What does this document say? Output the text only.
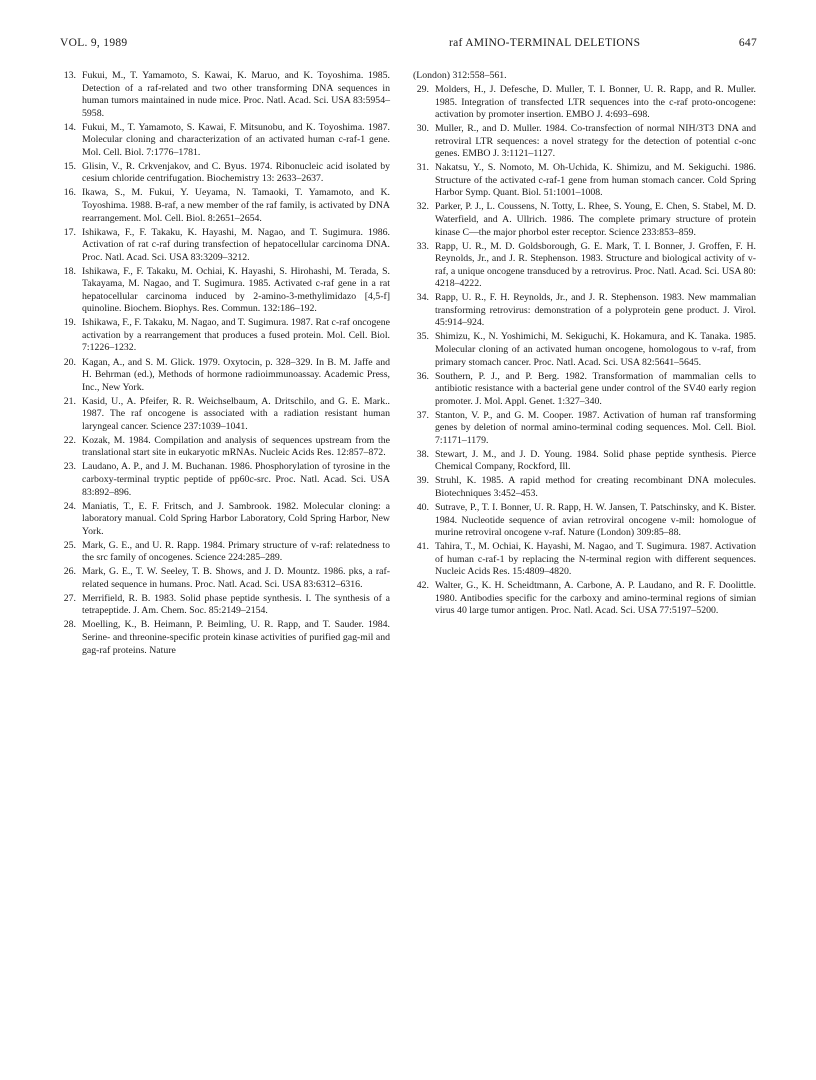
VOL. 9, 1989	raf AMINO-TERMINAL DELETIONS	647
13. Fukui, M., T. Yamamoto, S. Kawai, K. Maruo, and K. Toyoshima. 1985. Detection of a raf-related and two other transforming DNA sequences in human tumors maintained in nude mice. Proc. Natl. Acad. Sci. USA 83:5954–5958.
14. Fukui, M., T. Yamamoto, S. Kawai, F. Mitsunobu, and K. Toyoshima. 1987. Molecular cloning and characterization of an activated human c-raf-1 gene. Mol. Cell. Biol. 7:1776–1781.
15. Glisin, V., R. Crkvenjakov, and C. Byus. 1974. Ribonucleic acid isolated by cesium chloride centrifugation. Biochemistry 13: 2633–2637.
16. Ikawa, S., M. Fukui, Y. Ueyama, N. Tamaoki, T. Yamamoto, and K. Toyoshima. 1988. B-raf, a new member of the raf family, is activated by DNA rearrangement. Mol. Cell. Biol. 8:2651–2654.
17. Ishikawa, F., F. Takaku, K. Hayashi, M. Nagao, and T. Sugimura. 1986. Activation of rat c-raf during transfection of hepatocellular carcinoma DNA. Proc. Natl. Acad. Sci. USA 83:3209–3212.
18. Ishikawa, F., F. Takaku, M. Ochiai, K. Hayashi, S. Hirohashi, M. Terada, S. Takayama, M. Nagao, and T. Sugimura. 1985. Activated c-raf gene in a rat hepatocellular carcinoma induced by 2-amino-3-methylimidazo [4,5-f] quinoline. Biochem. Biophys. Res. Commun. 132:186–192.
19. Ishikawa, F., F. Takaku, M. Nagao, and T. Sugimura. 1987. Rat c-raf oncogene activation by a rearrangement that produces a fused protein. Mol. Cell. Biol. 7:1226–1232.
20. Kagan, A., and S. M. Glick. 1979. Oxytocin, p. 328–329. In B. M. Jaffe and H. Behrman (ed.), Methods of hormone radioimmunoassay. Academic Press, Inc., New York.
21. Kasid, U., A. Pfeifer, R. R. Weichselbaum, A. Dritschilo, and G. E. Mark.. 1987. The raf oncogene is associated with a radiation resistant human laryngeal cancer. Science 237:1039–1041.
22. Kozak, M. 1984. Compilation and analysis of sequences upstream from the translational start site in eukaryotic mRNAs. Nucleic Acids Res. 12:857–872.
23. Laudano, A. P., and J. M. Buchanan. 1986. Phosphorylation of tyrosine in the carboxy-terminal tryptic peptide of pp60c-src. Proc. Natl. Acad. Sci. USA 83:892–896.
24. Maniatis, T., E. F. Fritsch, and J. Sambrook. 1982. Molecular cloning: a laboratory manual. Cold Spring Harbor Laboratory, Cold Spring Harbor, New York.
25. Mark, G. E., and U. R. Rapp. 1984. Primary structure of v-raf: relatedness to the src family of oncogenes. Science 224:285–289.
26. Mark, G. E., T. W. Seeley, T. B. Shows, and J. D. Mountz. 1986. pks, a raf-related sequence in humans. Proc. Natl. Acad. Sci. USA 83:6312–6316.
27. Merrifield, R. B. 1983. Solid phase peptide synthesis. I. The synthesis of a tetrapeptide. J. Am. Chem. Soc. 85:2149–2154.
28. Moelling, K., B. Heimann, P. Beimling, U. R. Rapp, and T. Sauder. 1984. Serine- and threonine-specific protein kinase activities of purified gag-mil and gag-raf proteins. Nature
(London) 312:558–561.
29. Molders, H., J. Defesche, D. Muller, T. I. Bonner, U. R. Rapp, and R. Muller. 1985. Integration of transfected LTR sequences into the c-raf proto-oncogene: activation by promoter insertion. EMBO J. 4:693–698.
30. Muller, R., and D. Muller. 1984. Co-transfection of normal NIH/3T3 DNA and retroviral LTR sequences: a novel strategy for the detection of potential c-onc genes. EMBO J. 3:1121–1127.
31. Nakatsu, Y., S. Nomoto, M. Oh-Uchida, K. Shimizu, and M. Sekiguchi. 1986. Structure of the activated c-raf-1 gene from human stomach cancer. Cold Spring Harbor Symp. Quant. Biol. 51:1001–1008.
32. Parker, P. J., L. Coussens, N. Totty, L. Rhee, S. Young, E. Chen, S. Stabel, M. D. Waterfield, and A. Ullrich. 1986. The complete primary structure of protein kinase C—the major phorbol ester receptor. Science 233:853–859.
33. Rapp, U. R., M. D. Goldsborough, G. E. Mark, T. I. Bonner, J. Groffen, F. H. Reynolds, Jr., and J. R. Stephenson. 1983. Structure and biological activity of v-raf, a unique oncogene transduced by a retrovirus. Proc. Natl. Acad. Sci. USA 80: 4218–4222.
34. Rapp, U. R., F. H. Reynolds, Jr., and J. R. Stephenson. 1983. New mammalian transforming retrovirus: demonstration of a polyprotein gene product. J. Virol. 45:914–924.
35. Shimizu, K., N. Yoshimichi, M. Sekiguchi, K. Hokamura, and K. Tanaka. 1985. Molecular cloning of an activated human oncogene, homologous to v-raf, from primary stomach cancer. Proc. Natl. Acad. Sci. USA 82:5641–5645.
36. Southern, P. J., and P. Berg. 1982. Transformation of mammalian cells to antibiotic resistance with a bacterial gene under control of the SV40 early region promoter. J. Mol. Appl. Genet. 1:327–340.
37. Stanton, V. P., and G. M. Cooper. 1987. Activation of human raf transforming genes by deletion of normal amino-terminal coding sequences. Mol. Cell. Biol. 7:1171–1179.
38. Stewart, J. M., and J. D. Young. 1984. Solid phase peptide synthesis. Pierce Chemical Company, Rockford, Ill.
39. Struhl, K. 1985. A rapid method for creating recombinant DNA molecules. Biotechniques 3:452–453.
40. Sutrave, P., T. I. Bonner, U. R. Rapp, H. W. Jansen, T. Patschinsky, and K. Bister. 1984. Nucleotide sequence of avian retroviral oncogene v-mil: homologue of murine retroviral oncogene v-raf. Nature (London) 309:85–88.
41. Tahira, T., M. Ochiai, K. Hayashi, M. Nagao, and T. Sugimura. 1987. Activation of human c-raf-1 by replacing the N-terminal region with different sequences. Nucleic Acids Res. 15:4809–4820.
42. Walter, G., K. H. Scheidtmann, A. Carbone, A. P. Laudano, and R. F. Doolittle. 1980. Antibodies specific for the carboxy and amino-terminal regions of simian virus 40 large tumor antigen. Proc. Natl. Acad. Sci. USA 77:5197–5200.
